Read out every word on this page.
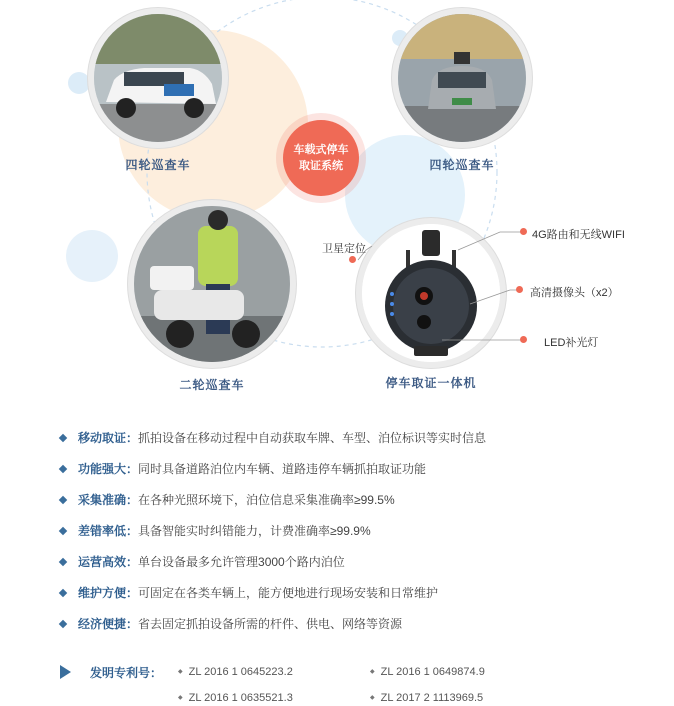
车载式停车
取证系统
四轮巡查车	四轮巡查车
二轮巡查车	停车取证一体机
卫星定位
4G路由和无线WIFI
高清摄像头（x2）
LED补光灯
移动取证： 抓拍设备在移动过程中自动获取车牌、车型、泊位标识等实时信息
功能强大： 同时具备道路泊位内车辆、道路违停车辆抓拍取证功能
采集准确： 在各种光照环境下，泊位信息采集准确率≥99.5%
差错率低： 具备智能实时纠错能力，计费准确率≥99.9%
运营高效： 单台设备最多允许管理3000个路内泊位
维护方便： 可固定在各类车辆上，能方便地进行现场安装和日常维护
经济便捷： 省去固定抓拍设备所需的杆件、供电、网络等资源
发明专利号：	◆ ZL 2016 1 0645223.2	◆ ZL 2016 1 0649874.9
◆ ZL 2016 1 0635521.3	◆ ZL 2017 2 1113969.5
